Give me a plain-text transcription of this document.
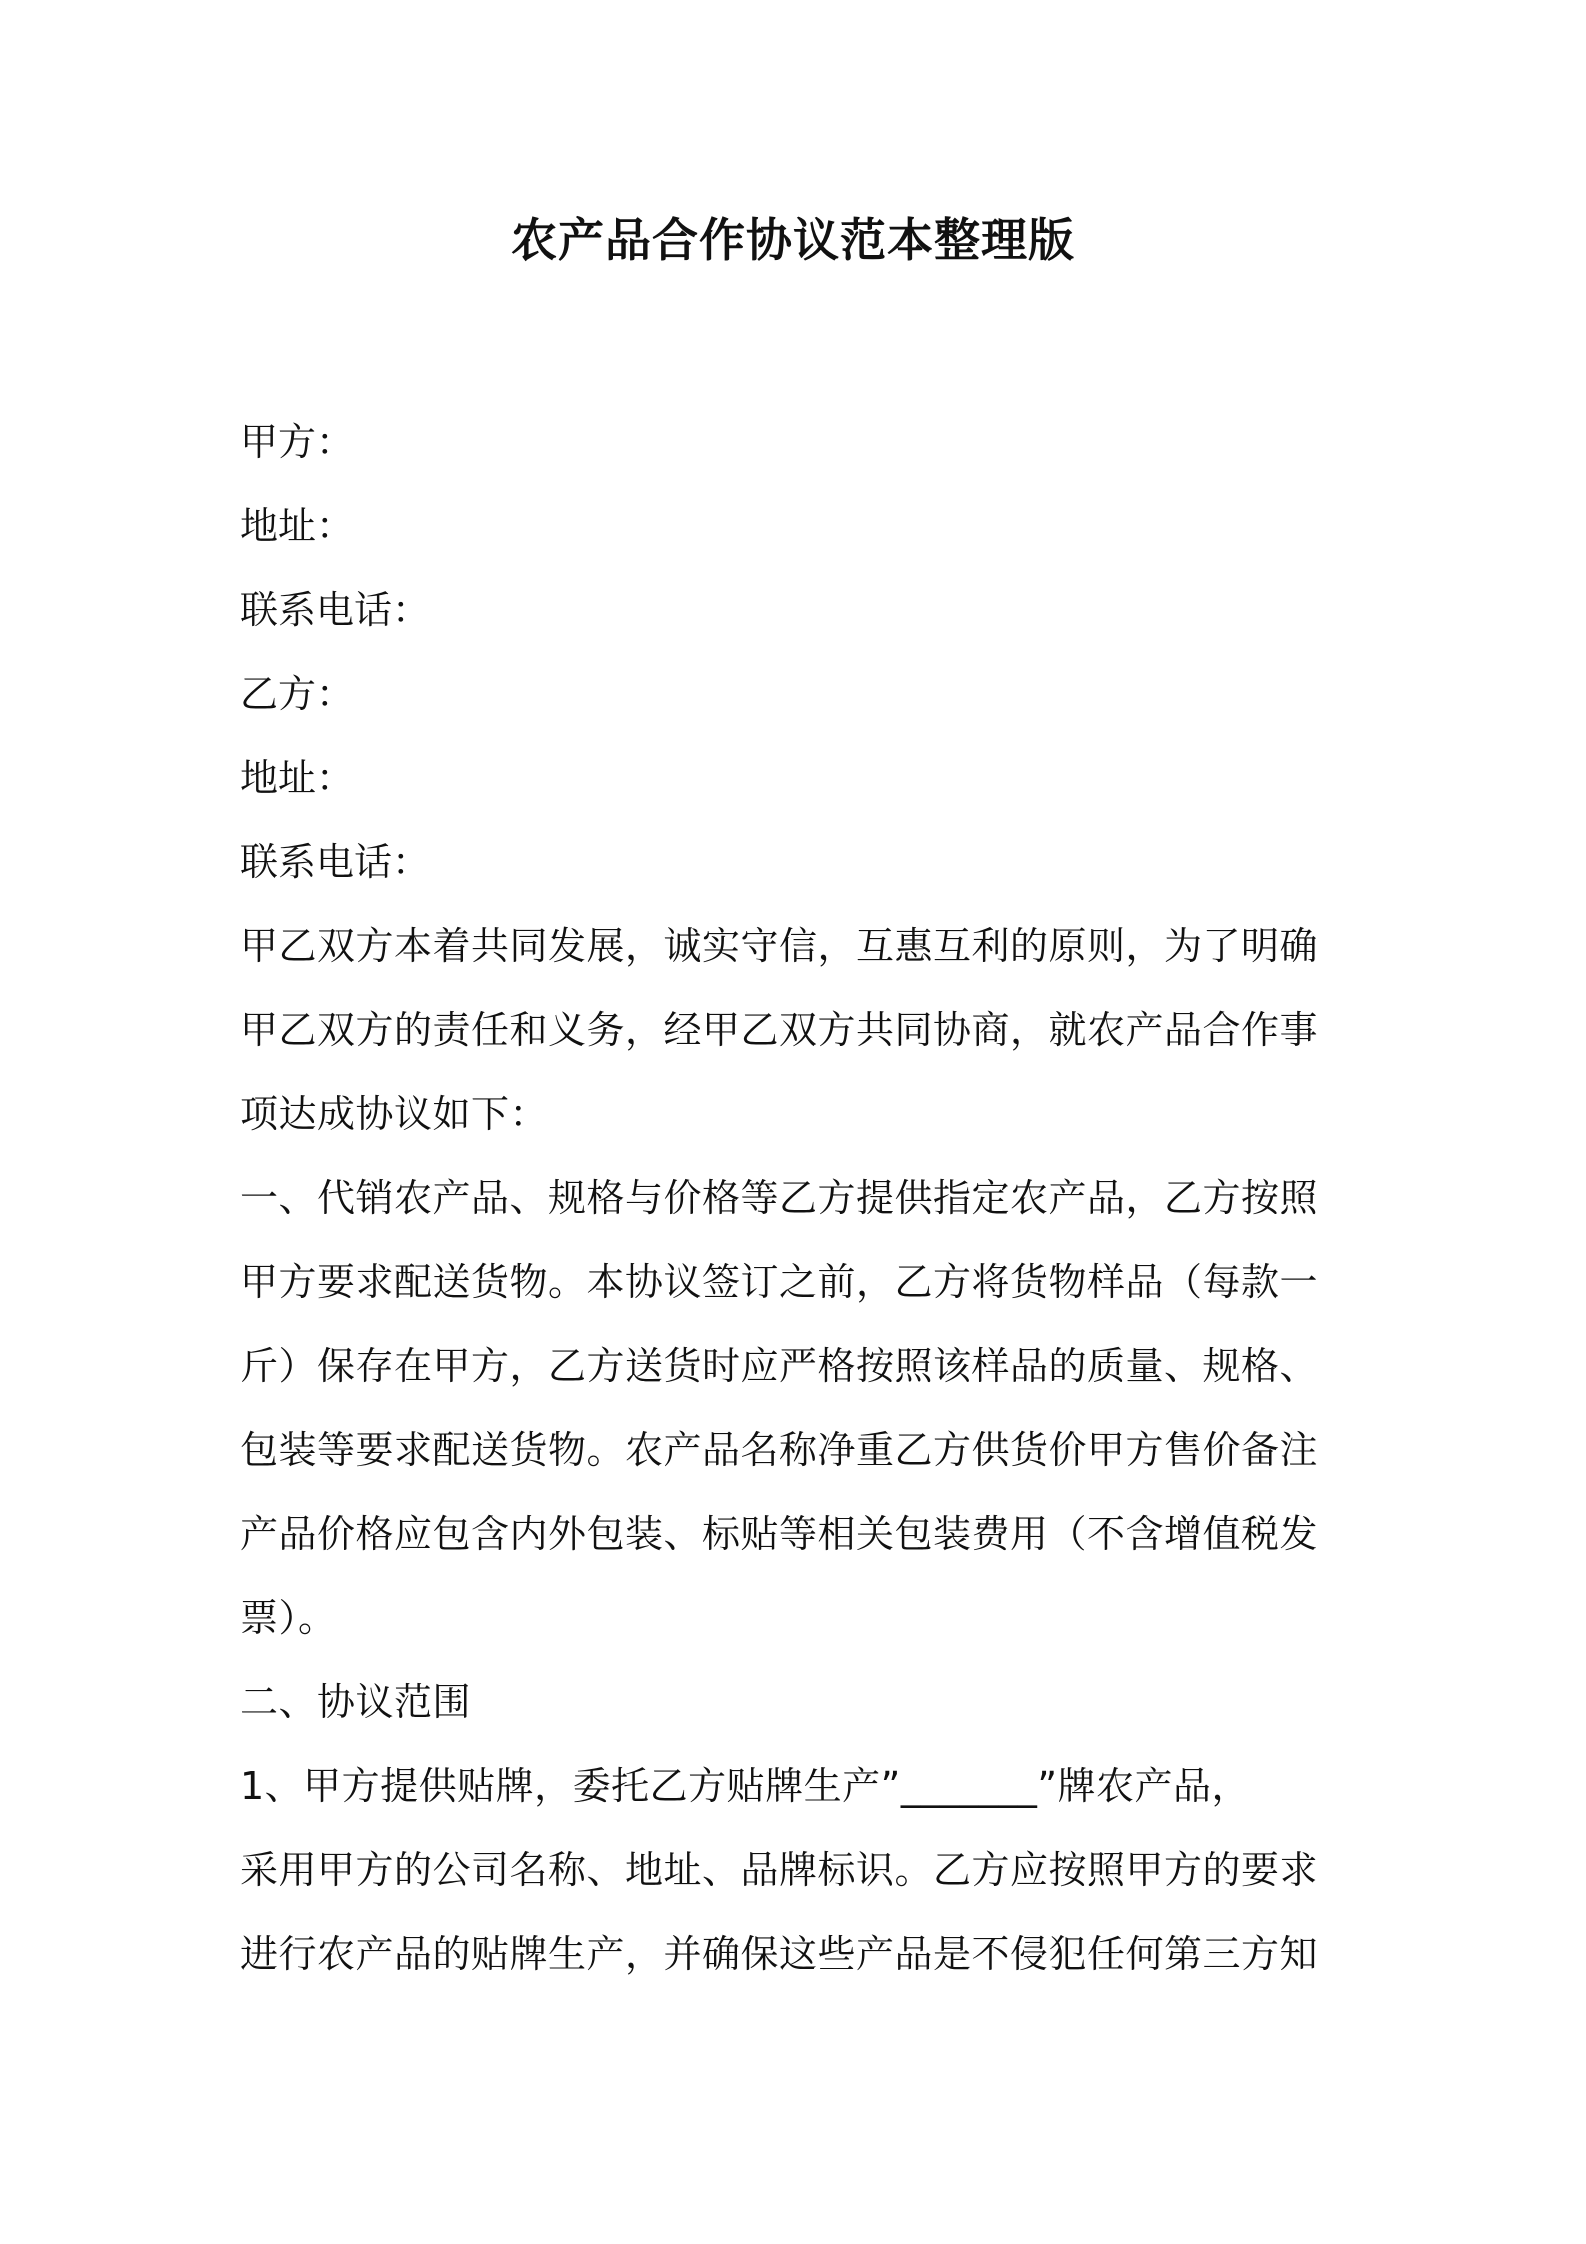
农产品合作协议范本整理版
甲方：
地址：
联系电话：
乙方：
地址：
联系电话：
甲乙双方本着共同发展，诚实守信，互惠互利的原则，为了明确
甲乙双方的责任和义务，经甲乙双方共同协商，就农产品合作事
项达成协议如下：
一、代销农产品、规格与价格等乙方提供指定农产品，乙方按照
甲方要求配送货物。本协议签订之前，乙方将货物样品（每款一
斤）保存在甲方，乙方送货时应严格按照该样品的质量、规格、
包装等要求配送货物。农产品名称净重乙方供货价甲方售价备注
产品价格应包含内外包装、标贴等相关包装费用（不含增值税发
票）。
二、协议范围
1、甲方提供贴牌，委托乙方贴牌生产”_______”牌农产品，
采用甲方的公司名称、地址、品牌标识。乙方应按照甲方的要求
进行农产品的贴牌生产，并确保这些产品是不侵犯任何第三方知
